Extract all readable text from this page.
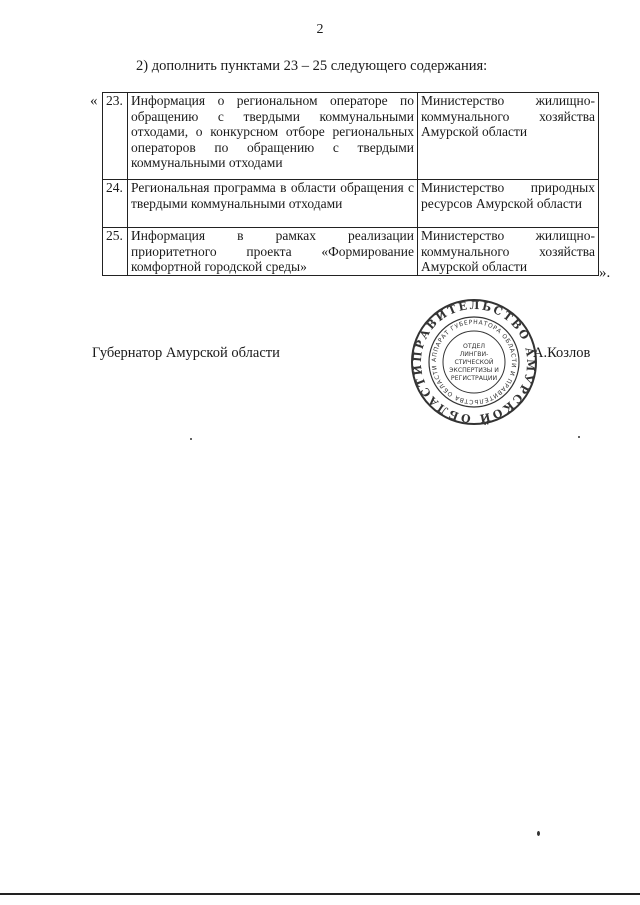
2
2) дополнить пунктами 23 – 25 следующего содержания:
« 23.	Информация о региональном операторе по обращению с твердыми коммунальными отходами, о конкурсном отборе региональных операторов по обращению с твердыми коммунальными отходами	Министерство жилищно-коммунального хозяйства Амурской области
24.	Региональная программа в области обращения с твердыми коммунальными отходами	Министерство природных ресурсов Амурской области
25.	Информация в рамках реализации приоритетного проекта «Формирование комфортной городской среды»	Министерство жилищно-коммунального хозяйства Амурской области	».
Губернатор Амурской области	ПРАВИТЕЛЬСТВО АМУРСКОЙ ОБЛАСТИ
АППАРАТ ГУБЕРНАТОРА ОБЛАСТИ И ПРАВИТЕЛЬСТВА ОБЛАСТИ
ОТДЕЛ
ЛИНГВИ-
СТИЧЕСКОЙ
ЭКСПЕРТИЗЫ И
РЕГИСТРАЦИИ
А.Козлов
